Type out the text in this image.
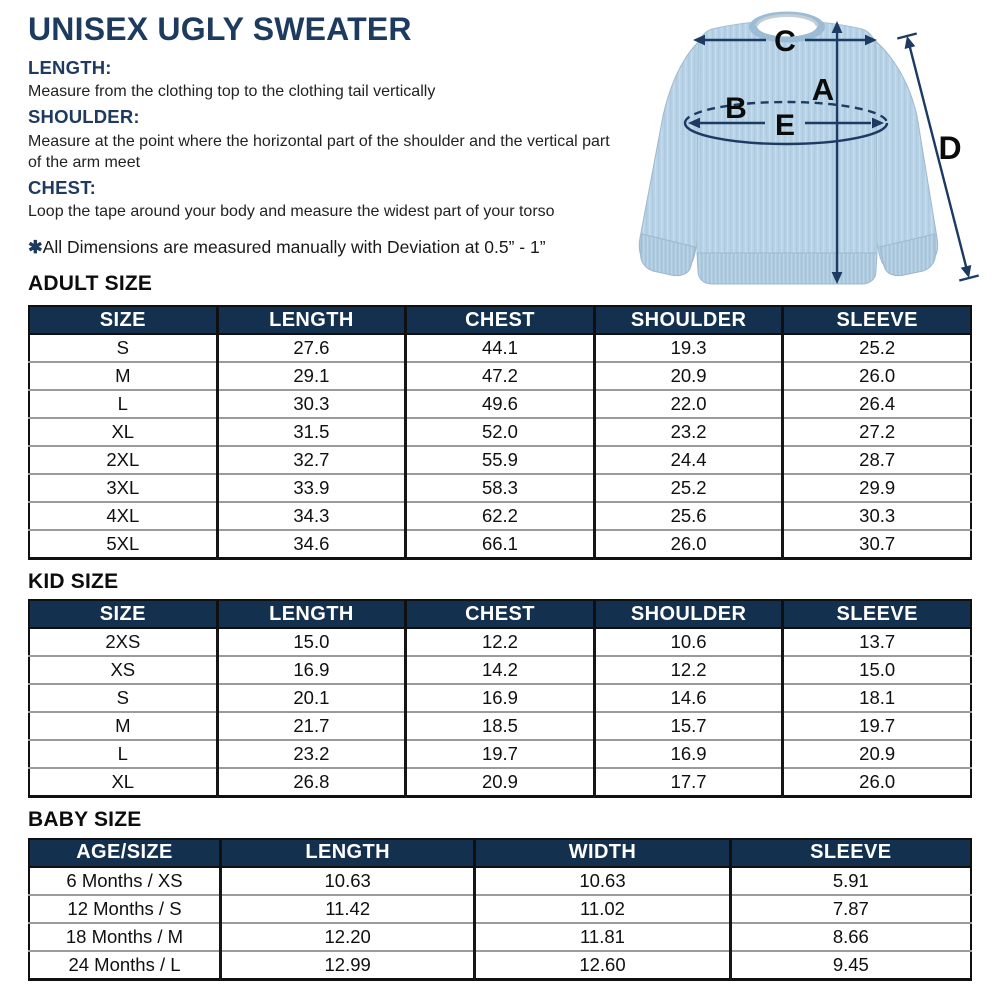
UNISEX UGLY SWEATER
LENGTH:

Measure from the clothing top to the clothing tail vertically

SHOULDER:

Measure at the point where the horizontal part of the shoulder and the vertical part of the arm meet

CHEST:

Loop the tape around your body and measure the widest part of your torso

✱All Dimensions are measured manually with Deviation at 0.5” - 1”
C
A
B
E
D
ADULT SIZE
SIZE	LENGTH	CHEST	SHOULDER	SLEEVE
S	27.6	44.1	19.3	25.2
M	29.1	47.2	20.9	26.0
L	30.3	49.6	22.0	26.4
XL	31.5	52.0	23.2	27.2
2XL	32.7	55.9	24.4	28.7
3XL	33.9	58.3	25.2	29.9
4XL	34.3	62.2	25.6	30.3
5XL	34.6	66.1	26.0	30.7
KID SIZE
SIZE	LENGTH	CHEST	SHOULDER	SLEEVE
2XS	15.0	12.2	10.6	13.7
XS	16.9	14.2	12.2	15.0
S	20.1	16.9	14.6	18.1
M	21.7	18.5	15.7	19.7
L	23.2	19.7	16.9	20.9
XL	26.8	20.9	17.7	26.0
BABY SIZE
AGE/SIZE	LENGTH	WIDTH	SLEEVE
6 Months / XS	10.63	10.63	5.91
12 Months / S	11.42	11.02	7.87
18 Months / M	12.20	11.81	8.66
24 Months / L	12.99	12.60	9.45
